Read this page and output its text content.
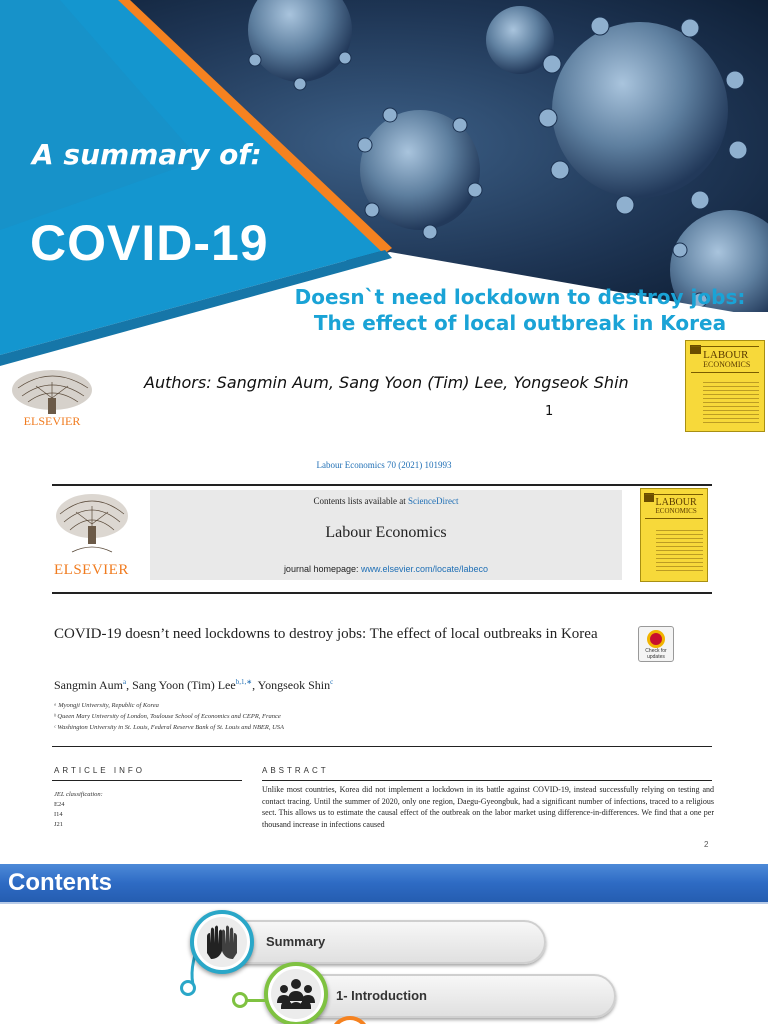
A summary of:
COVID-19
Doesn`t need lockdown to destroy jobs:
The effect of local outbreak in Korea
ELSEVIER
Authors: Sangmin Aum, Sang Yoon (Tim) Lee, Yongseok Shin
1
LABOUR
ECONOMICS
Labour Economics 70 (2021) 101993
ELSEVIER
Contents lists available at ScienceDirect
Labour Economics
journal homepage: www.elsevier.com/locate/labeco
LABOUR
ECONOMICS
COVID-19 doesn’t need lockdowns to destroy jobs: The effect of local outbreaks in Korea
Check for
updates
Sangmin Aum$^a$, Sang Yoon (Tim) Lee$^{b,1,∗}$, Yongseok Shin$^c$
ᵃ Myongji University, Republic of Korea
ᵇ Queen Mary University of London, Toulouse School of Economics and CEPR, France
ᶜ Washington University in St. Louis, Federal Reserve Bank of St. Louis and NBER, USA
ARTICLE INFO	ABSTRACT
JEL classification:
E24
I14
J21
Unlike most countries, Korea did not implement a lockdown in its battle against COVID-19, instead successfully relying on testing and contact tracing. Until the summer of 2020, only one region, Daegu-Gyeongbuk, had a significant number of infections, traced to a religious sect. This allows us to estimate the causal effect of the outbreak on the labor market using difference-in-differences. We find that a one per thousand increase in infections caused
2
Contents
Summary
1- Introduction
